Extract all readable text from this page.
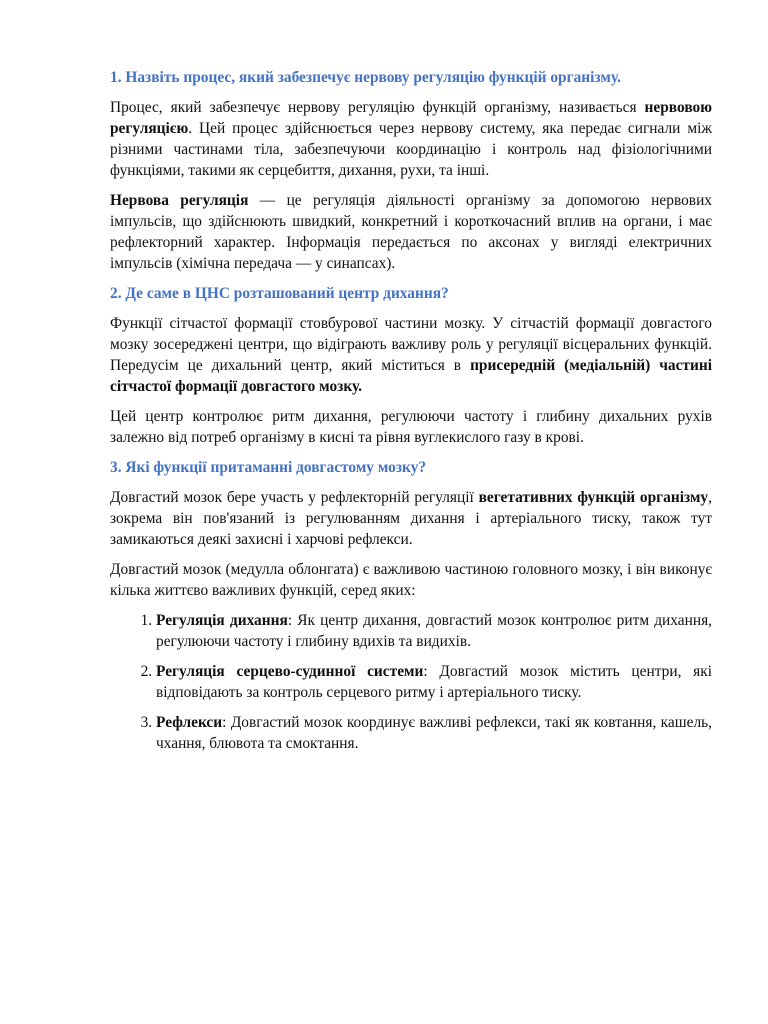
1. Назвіть процес, який забезпечує нервову регуляцію функцій організму.

Процес, який забезпечує нервову регуляцію функцій організму, називається нервовою регуляцією. Цей процес здійснюється через нервову систему, яка передає сигнали між різними частинами тіла, забезпечуючи координацію і контроль над фізіологічними функціями, такими як серцебиття, дихання, рухи, та інші.

Нервова регуляція — це регуляція діяльності організму за допомогою нервових імпульсів, що здійснюють швидкий, конкретний і короткочасний вплив на органи, і має рефлекторний характер. Інформація передається по аксонах у вигляді електричних імпульсів (хімічна передача — у синапсах).

2. Де саме в ЦНС розташований центр дихання?

Функції сітчастої формації стовбурової частини мозку. У сітчастій формації довгастого мозку зосереджені центри, що відіграють важливу роль у регуляції вісцеральних функцій. Передусім це дихальний центр, який міститься в присередній (медіальній) частині сітчастої формації довгастого мозку.

Цей центр контролює ритм дихання, регулюючи частоту і глибину дихальних рухів залежно від потреб організму в кисні та рівня вуглекислого газу в крові.

3. Які функції притаманні довгастому мозку?

Довгастий мозок бере участь у рефлекторній регуляції вегетативних функцій організму, зокрема він пов'язаний із регулюванням дихання і артеріального тиску, також тут замикаються деякі захисні і харчові рефлекси.

Довгастий мозок (медулла облонгата) є важливою частиною головного мозку, і він виконує кілька життєво важливих функцій, серед яких:

1. Регуляція дихання: Як центр дихання, довгастий мозок контролює ритм дихання, регулюючи частоту і глибину вдихів та видихів.
2. Регуляція серцево-судинної системи: Довгастий мозок містить центри, які відповідають за контроль серцевого ритму і артеріального тиску.
3. Рефлекси: Довгастий мозок координує важливі рефлекси, такі як ковтання, кашель, чхання, блювота та смоктання.
